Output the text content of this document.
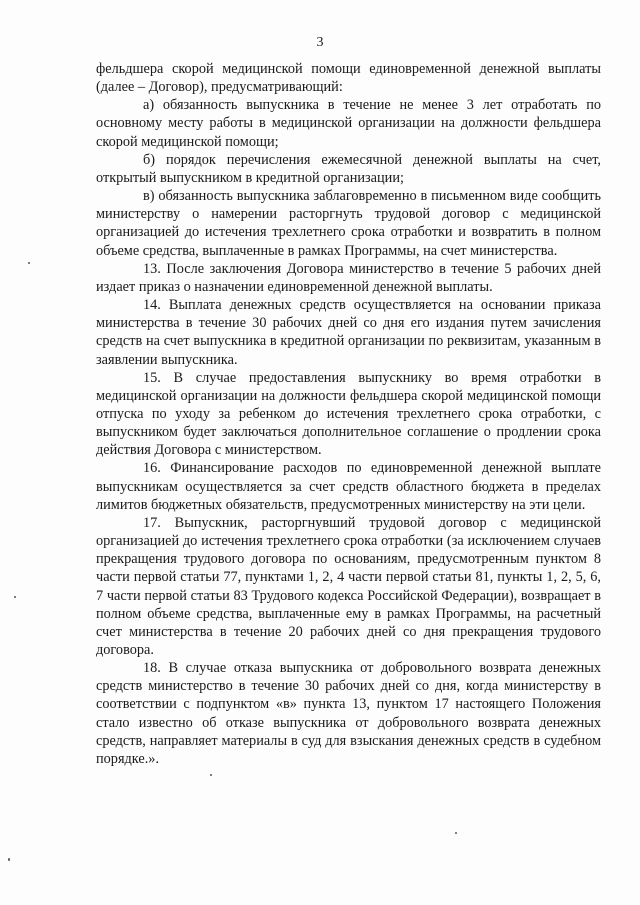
3

фельдшера скорой медицинской помощи единовременной денежной выплаты (далее – Договор), предусматривающий:

а) обязанность выпускника в течение не менее 3 лет отработать по основному месту работы в медицинской организации на должности фельдшера скорой медицинской помощи;

б) порядок перечисления ежемесячной денежной выплаты на счет, открытый выпускником в кредитной организации;

в) обязанность выпускника заблаговременно в письменном виде сообщить министерству о намерении расторгнуть трудовой договор с медицинской организацией до истечения трехлетнего срока отработки и возвратить в полном объеме средства, выплаченные в рамках Программы, на счет министерства.

13. После заключения Договора министерство в течение 5 рабочих дней издает приказ о назначении единовременной денежной выплаты.

14. Выплата денежных средств осуществляется на основании приказа министерства в течение 30 рабочих дней со дня его издания путем зачисления средств на счет выпускника в кредитной организации по реквизитам, указанным в заявлении выпускника.

15. В случае предоставления выпускнику во время отработки в медицинской организации на должности фельдшера скорой медицинской помощи отпуска по уходу за ребенком до истечения трехлетнего срока отработки, с выпускником будет заключаться дополнительное соглашение о продлении срока действия Договора с министерством.

16. Финансирование расходов по единовременной денежной выплате выпускникам осуществляется за счет средств областного бюджета в пределах лимитов бюджетных обязательств, предусмотренных министерству на эти цели.

17. Выпускник, расторгнувший трудовой договор с медицинской организацией до истечения трехлетнего срока отработки (за исключением случаев прекращения трудового договора по основаниям, предусмотренным пунктом 8 части первой статьи 77, пунктами 1, 2, 4 части первой статьи 81, пункты 1, 2, 5, 6, 7 части первой статьи 83 Трудового кодекса Российской Федерации), возвращает в полном объеме средства, выплаченные ему в рамках Программы, на расчетный счет министерства в течение 20 рабочих дней со дня прекращения трудового договора.

18. В случае отказа выпускника от добровольного возврата денежных средств министерство в течение 30 рабочих дней со дня, когда министерству в соответствии с подпунктом «в» пункта 13, пунктом 17 настоящего Положения стало известно об отказе выпускника от добровольного возврата денежных средств, направляет материалы в суд для взыскания денежных средств в судебном порядке.».
